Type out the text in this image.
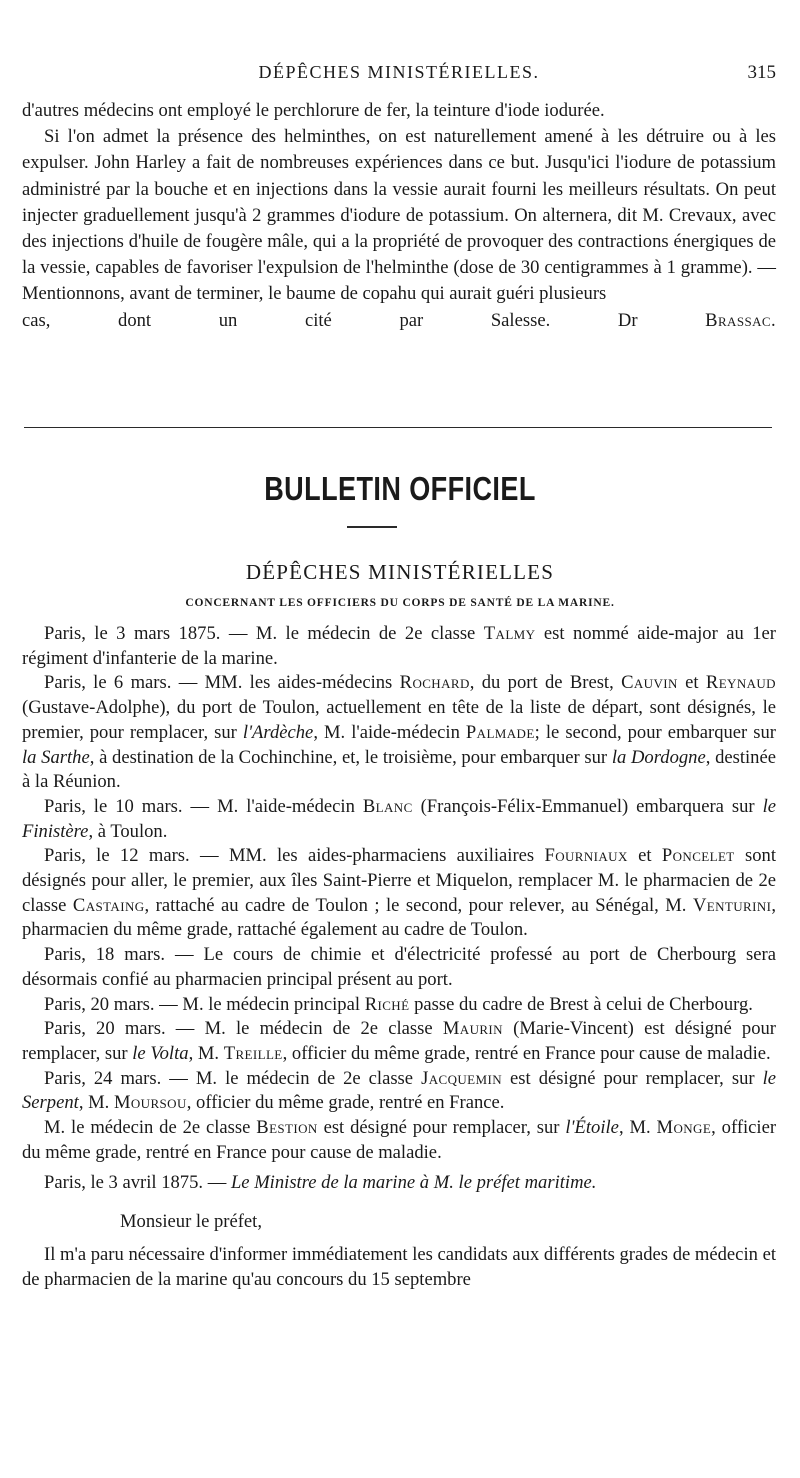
DÉPÊCHES MINISTÉRIELLES.	315

d'autres médecins ont employé le perchlorure de fer, la teinture d'iode iodurée.

Si l'on admet la présence des helminthes, on est naturellement amené à les détruire ou à les expulser. John Harley a fait de nombreuses expériences dans ce but. Jusqu'ici l'iodure de potassium administré par la bouche et en injections dans la vessie aurait fourni les meilleurs résultats. On peut injecter graduellement jusqu'à 2 grammes d'iodure de potassium. On alternera, dit M. Crevaux, avec des injections d'huile de fougère mâle, qui a la propriété de provoquer des contractions énergiques de la vessie, capables de favoriser l'expulsion de l'helminthe (dose de 30 centigrammes à 1 gramme). — Mentionnons, avant de terminer, le baume de copahu qui aurait guéri plusieurs

cas, dont un cité par Salesse.	Dr	Brassac.

BULLETIN OFFICIEL
DÉPÊCHES MINISTÉRIELLES
CONCERNANT LES OFFICIERS DU CORPS DE SANTÉ DE LA MARINE.

Paris, le 3 mars 1875. — M. le médecin de 2e classe Talmy est nommé aide-major au 1er régiment d'infanterie de la marine.

Paris, le 6 mars. — MM. les aides-médecins Rochard, du port de Brest, Cauvin et Reynaud (Gustave-Adolphe), du port de Toulon, actuellement en tête de la liste de départ, sont désignés, le premier, pour remplacer, sur l'Ardèche, M. l'aide-médecin Palmade; le second, pour embarquer sur la Sarthe, à destination de la Cochinchine, et, le troisième, pour embarquer sur la Dordogne, destinée à la Réunion.

Paris, le 10 mars. — M. l'aide-médecin Blanc (François-Félix-Emmanuel) embarquera sur le Finistère, à Toulon.

Paris, le 12 mars. — MM. les aides-pharmaciens auxiliaires Fourniaux et Poncelet sont désignés pour aller, le premier, aux îles Saint-Pierre et Miquelon, remplacer M. le pharmacien de 2e classe Castaing, rattaché au cadre de Toulon ; le second, pour relever, au Sénégal, M. Venturini, pharmacien du même grade, rattaché également au cadre de Toulon.

Paris, 18 mars. — Le cours de chimie et d'électricité professé au port de Cherbourg sera désormais confié au pharmacien principal présent au port.

Paris, 20 mars. — M. le médecin principal Riché passe du cadre de Brest à celui de Cherbourg.

Paris, 20 mars. — M. le médecin de 2e classe Maurin (Marie-Vincent) est désigné pour remplacer, sur le Volta, M. Treille, officier du même grade, rentré en France pour cause de maladie.

Paris, 24 mars. — M. le médecin de 2e classe Jacquemin est désigné pour remplacer, sur le Serpent, M. Moursou, officier du même grade, rentré en France.

M. le médecin de 2e classe Bestion est désigné pour remplacer, sur l'Étoile, M. Monge, officier du même grade, rentré en France pour cause de maladie.

Paris, le 3 avril 1875. — Le Ministre de la marine à M. le préfet maritime.

Monsieur le préfet,

Il m'a paru nécessaire d'informer immédiatement les candidats aux différents grades de médecin et de pharmacien de la marine qu'au concours du 15 septembre
